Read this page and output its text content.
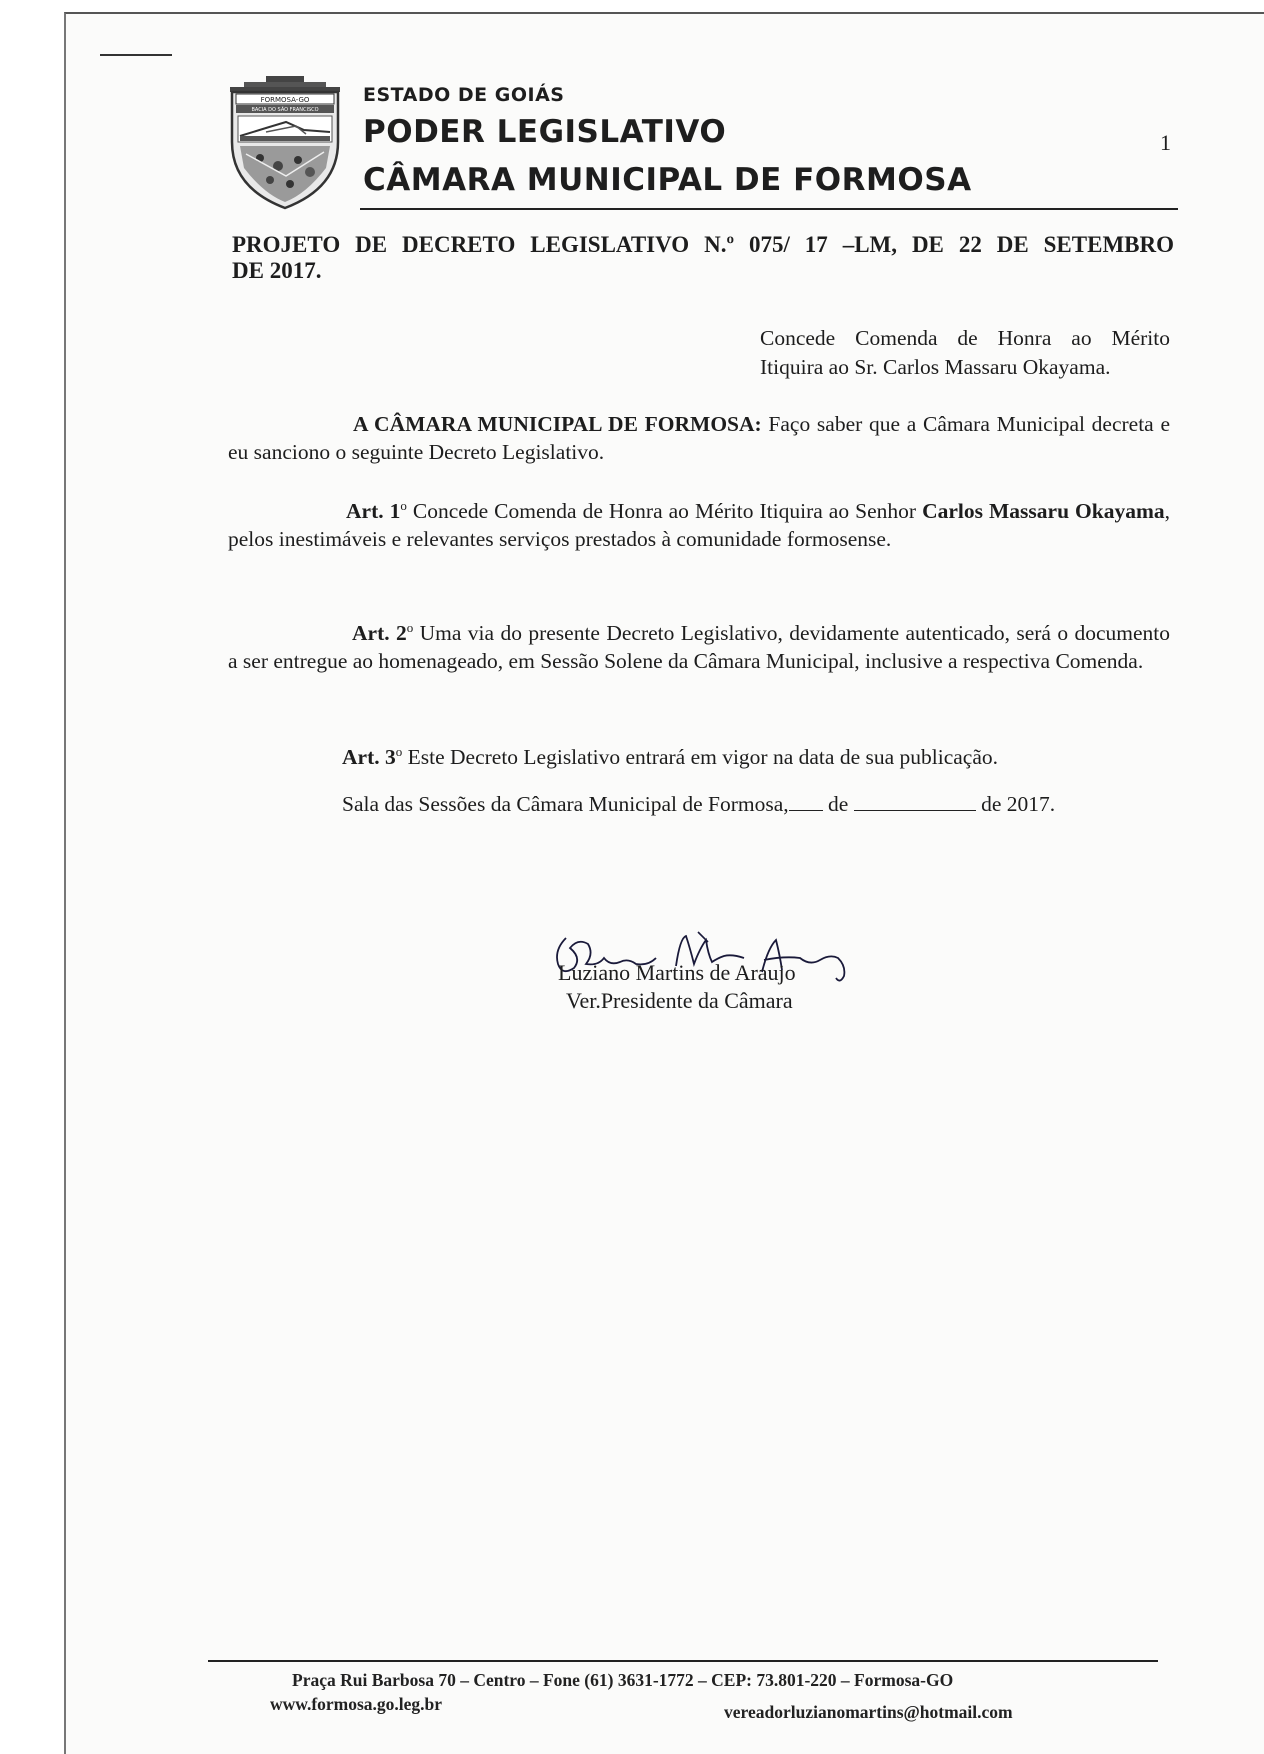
FORMOSA-GO
BACIA DO SÃO FRANCISCO
ESTADO DE GOIÁS
PODER LEGISLATIVO
CÂMARA MUNICIPAL DE FORMOSA
1
PROJETO DE DECRETO LEGISLATIVO N.º 075/ 17 –LM, DE 22 DE SETEMBRO
DE 2017.
Concede Comenda de Honra ao Mérito
Itiquira ao Sr. Carlos Massaru Okayama.
A CÂMARA MUNICIPAL DE FORMOSA: Faço saber que a Câmara Municipal decreta e eu sanciono o seguinte Decreto Legislativo.
Art. 1$^o$ Concede Comenda de Honra ao Mérito Itiquira ao Senhor Carlos Massaru Okayama, pelos inestimáveis e relevantes serviços prestados à comunidade formosense.
Art. 2$^o$ Uma via do presente Decreto Legislativo, devidamente autenticado, será o documento a ser entregue ao homenageado, em Sessão Solene da Câmara Municipal, inclusive a respectiva Comenda.
Art. 3$^o$ Este Decreto Legislativo entrará em vigor na data de sua publicação.
Sala das Sessões da Câmara Municipal de Formosa, de	de 2017.
Luziano Martins de Araujo
Ver.Presidente da Câmara
Praça Rui Barbosa 70 – Centro – Fone (61) 3631-1772 – CEP: 73.801-220 – Formosa-GO
www.formosa.go.leg.br	vereadorluzianomartins@hotmail.com
